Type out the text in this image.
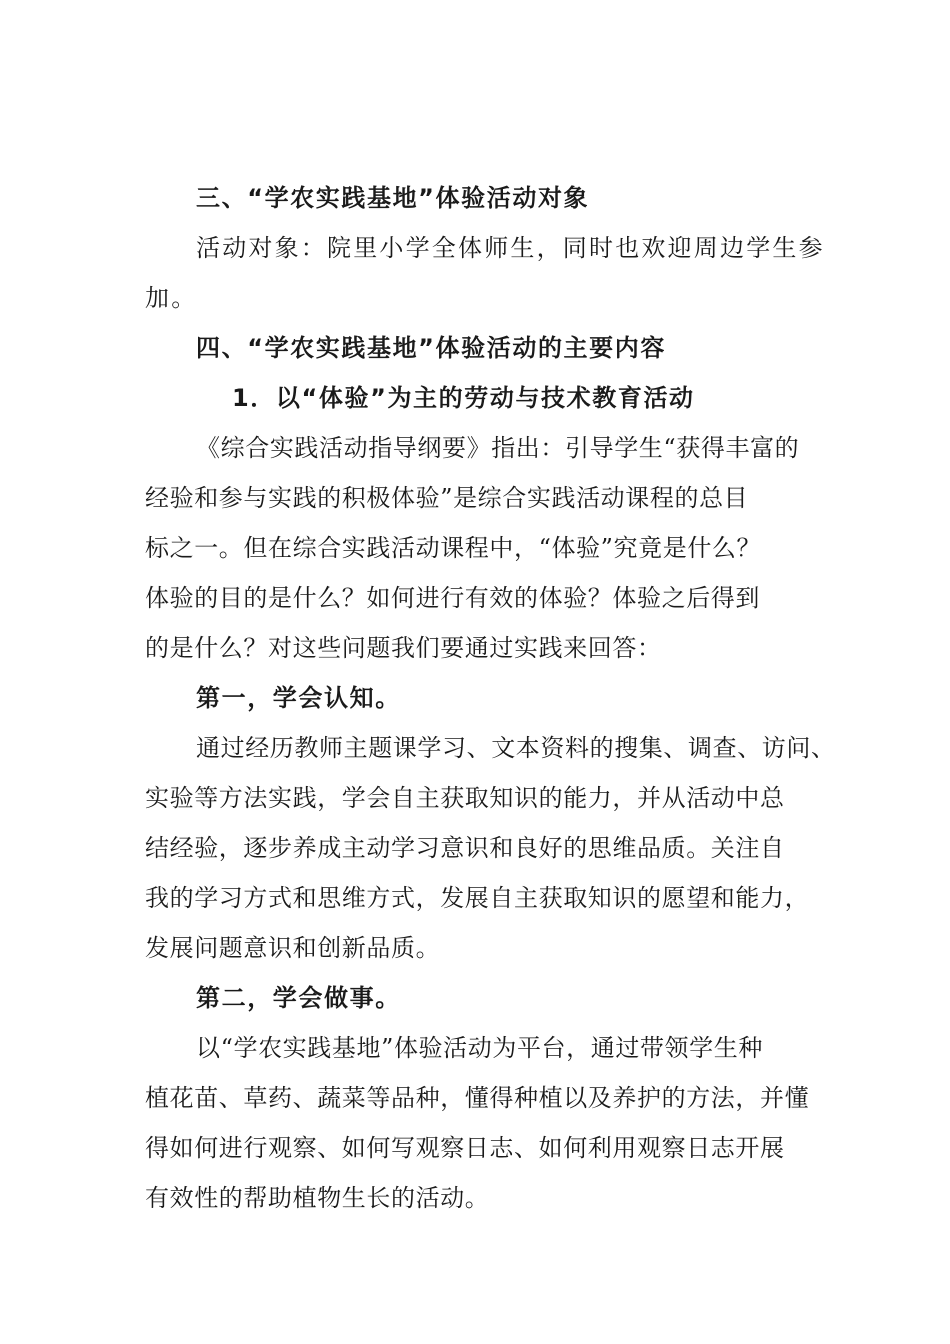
三、“学农实践基地”体验活动对象
活动对象：院里小学全体师生，同时也欢迎周边学生参
加。
四、“学农实践基地”体验活动的主要内容
1．以“体验”为主的劳动与技术教育活动
《综合实践活动指导纲要》指出：引导学生“获得丰富的
经验和参与实践的积极体验”是综合实践活动课程的总目
标之一。但在综合实践活动课程中，“体验”究竟是什么？
体验的目的是什么？如何进行有效的体验？体验之后得到
的是什么？对这些问题我们要通过实践来回答：
第一，学会认知。
通过经历教师主题课学习、文本资料的搜集、调查、访问、
实验等方法实践，学会自主获取知识的能力，并从活动中总
结经验，逐步养成主动学习意识和良好的思维品质。关注自
我的学习方式和思维方式，发展自主获取知识的愿望和能力，
发展问题意识和创新品质。
第二，学会做事。
以“学农实践基地”体验活动为平台，通过带领学生种
植花苗、草药、蔬菜等品种，懂得种植以及养护的方法，并懂
得如何进行观察、如何写观察日志、如何利用观察日志开展
有效性的帮助植物生长的活动。
